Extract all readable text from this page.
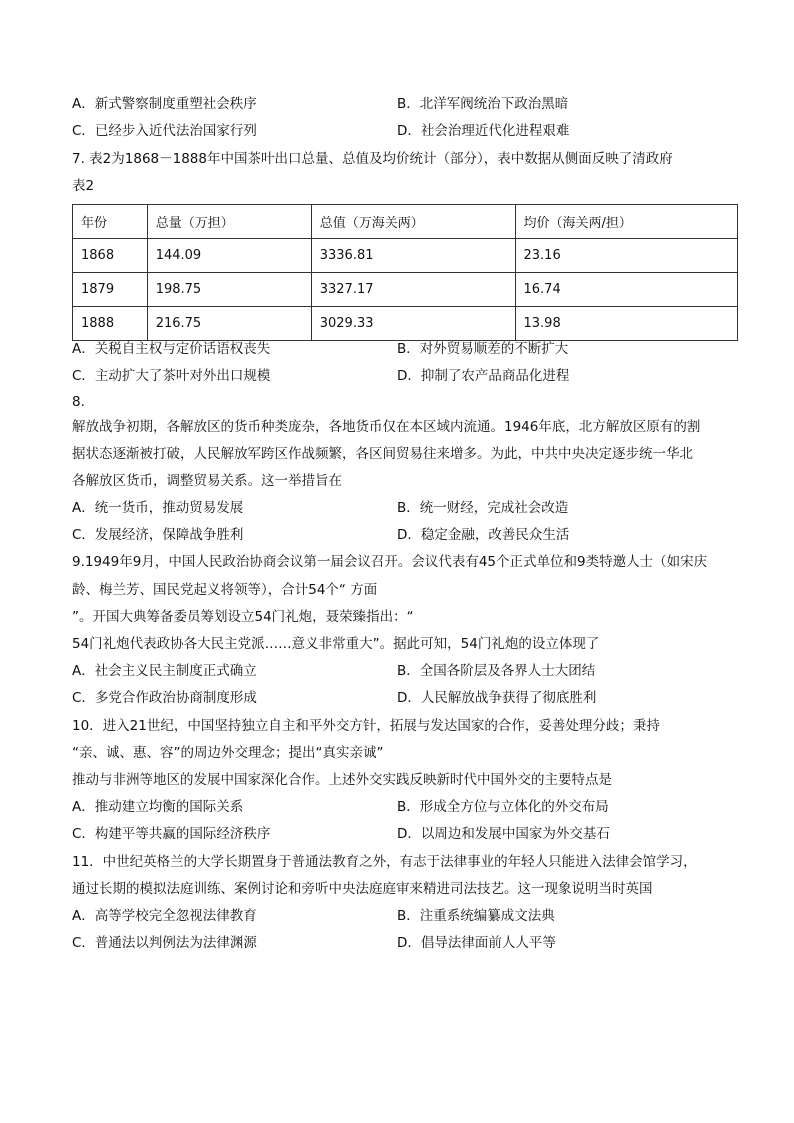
A．新式警察制度重塑社会秩序	B．北洋军阀统治下政治黑暗
C．已经步入近代法治国家行列	D．社会治理近代化进程艰难
7. 表2为1868－1888年中国茶叶出口总量、总值及均价统计（部分），表中数据从侧面反映了清政府
表2
年份	总量（万担）	总值（万海关两）	均价（海关两/担）
1868	144.09	3336.81	23.16
1879	198.75	3327.17	16.74
1888	216.75	3029.33	13.98
A．关税自主权与定价话语权丧失	B．对外贸易顺差的不断扩大
C．主动扩大了茶叶对外出口规模	D．抑制了农产品商品化进程
8.
解放战争初期，各解放区的货币种类庞杂，各地货币仅在本区域内流通。1946年底，北方解放区原有的割
据状态逐渐被打破，人民解放军跨区作战频繁，各区间贸易往来增多。为此，中共中央决定逐步统一华北
各解放区货币，调整贸易关系。这一举措旨在
A．统一货币，推动贸易发展	B．统一财经，完成社会改造
C．发展经济，保障战争胜利	D．稳定金融，改善民众生活
9.1949年9月，中国人民政治协商会议第一届会议召开。会议代表有45个正式单位和9类特邀人士（如宋庆
龄、梅兰芳、国民党起义将领等），合计54个“ 方面
”。开国大典筹备委员筹划设立54门礼炮，聂荣臻指出：“
54门礼炮代表政协各大民主党派……意义非常重大”。据此可知，54门礼炮的设立体现了
A．社会主义民主制度正式确立	B．全国各阶层及各界人士大团结
C．多党合作政治协商制度形成	D．人民解放战争获得了彻底胜利
10．进入21世纪，中国坚持独立自主和平外交方针，拓展与发达国家的合作，妥善处理分歧；秉持
“亲、诚、惠、容”的周边外交理念；提出“真实亲诚”
推动与非洲等地区的发展中国家深化合作。上述外交实践反映新时代中国外交的主要特点是
A．推动建立均衡的国际关系	B．形成全方位与立体化的外交布局
C．构建平等共赢的国际经济秩序	D．以周边和发展中国家为外交基石
11．中世纪英格兰的大学长期置身于普通法教育之外，有志于法律事业的年轻人只能进入法律会馆学习，
通过长期的模拟法庭训练、案例讨论和旁听中央法庭庭审来精进司法技艺。这一现象说明当时英国
A．高等学校完全忽视法律教育	B．注重系统编纂成文法典
C．普通法以判例法为法律渊源	D．倡导法律面前人人平等
